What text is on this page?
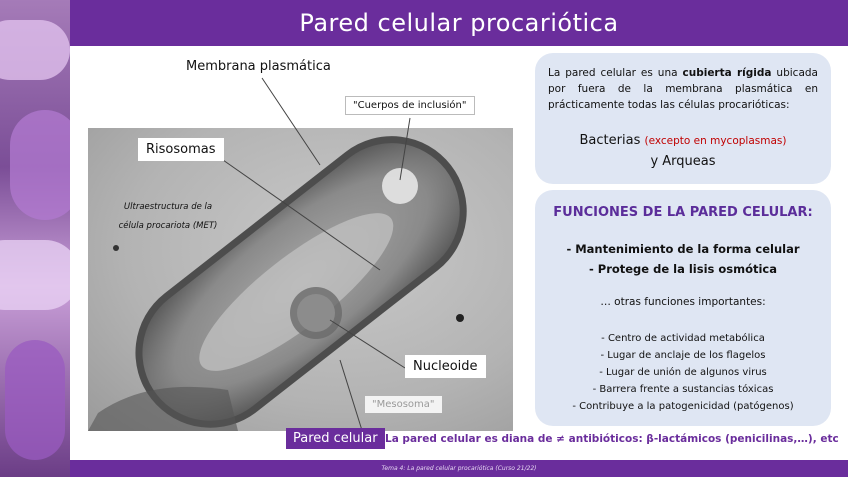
Pared celular procariótica
Membrana plasmática
"Cuerpos de inclusión"
Risosomas
Ultraestructura de la
célula procariota (MET)
Nucleoide
"Mesosoma"
Pared celular
La pared celular es una cubierta rígida ubicada por fuera de la membrana plasmática en prácticamente todas las células procarióticas:
Bacterias (excepto en mycoplasmas)
y Arqueas
FUNCIONES DE LA PARED CELULAR:
- Mantenimiento de la forma celular
- Protege de la lisis osmótica
… otras funciones importantes:
- Centro de actividad metabólica
- Lugar de anclaje de los flagelos
- Lugar de unión de algunos virus
- Barrera frente a sustancias tóxicas
- Contribuye a la patogenicidad (patógenos)
La pared celular es diana de ≠ antibióticos: β-lactámicos (penicilinas,…), etc
Tema 4: La pared celular procariótica (Curso 21/22)
